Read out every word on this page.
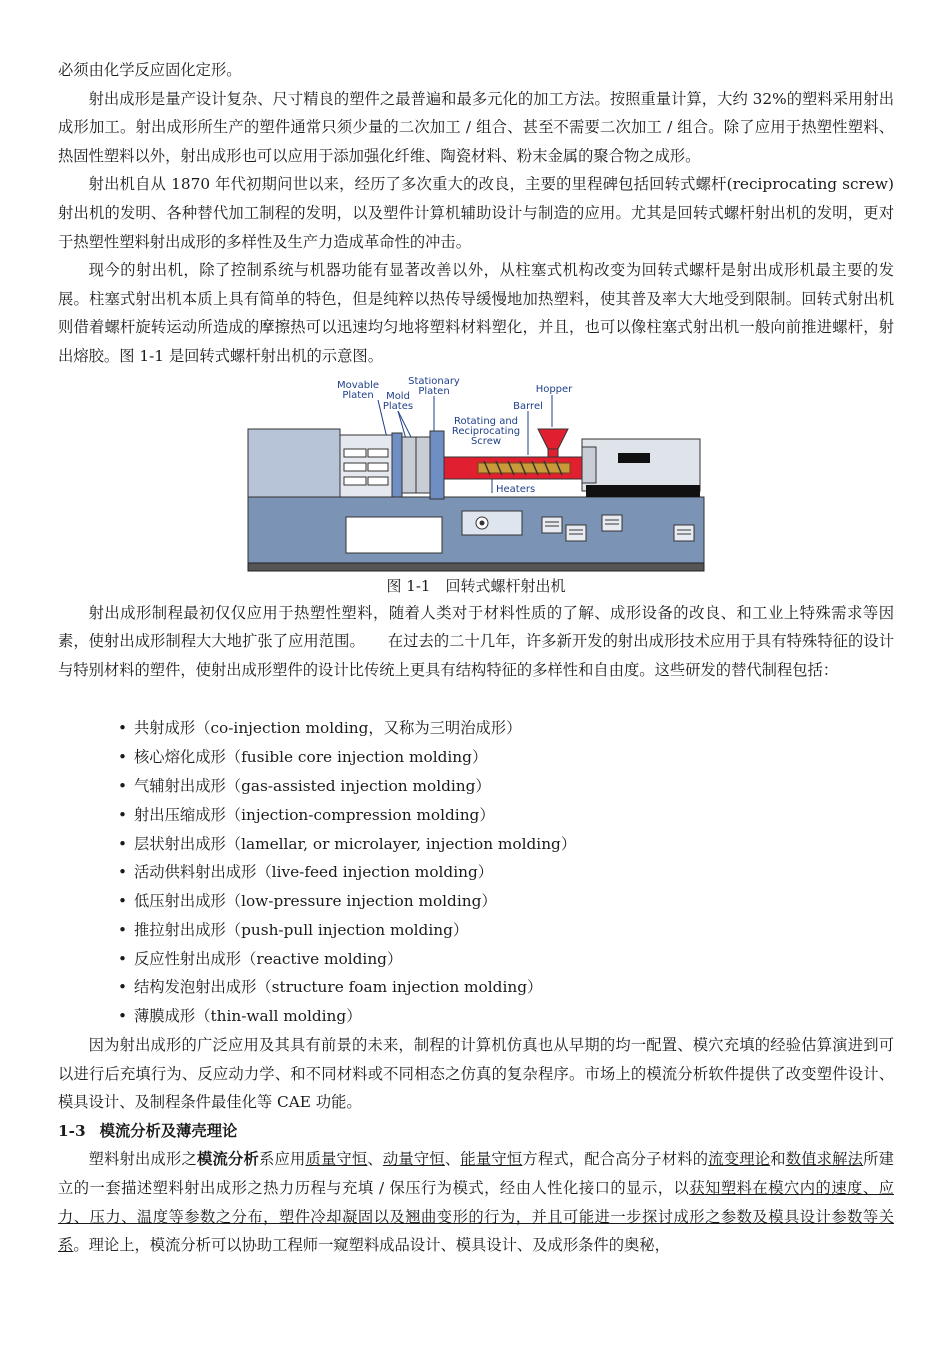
必须由化学反应固化定形。

射出成形是量产设计复杂、尺寸精良的塑件之最普遍和最多元化的加工方法。按照重量计算，大约 32%的塑料采用射出成形加工。射出成形所生产的塑件通常只须少量的二次加工 / 组合、甚至不需要二次加工 / 组合。除了应用于热塑性塑料、热固性塑料以外，射出成形也可以应用于添加强化纤维、陶瓷材料、粉末金属的聚合物之成形。

射出机自从 1870 年代初期问世以来，经历了多次重大的改良，主要的里程碑包括回转式螺杆(reciprocating screw)射出机的发明、各种替代加工制程的发明，以及塑件计算机辅助设计与制造的应用。尤其是回转式螺杆射出机的发明，更对于热塑性塑料射出成形的多样性及生产力造成革命性的冲击。

现今的射出机，除了控制系统与机器功能有显著改善以外，从柱塞式机构改变为回转式螺杆是射出成形机最主要的发展。柱塞式射出机本质上具有简单的特色，但是纯粹以热传导缓慢地加热塑料，使其普及率大大地受到限制。回转式射出机则借着螺杆旋转运动所造成的摩擦热可以迅速均匀地将塑料材料塑化，并且，也可以像柱塞式射出机一般向前推进螺杆，射出熔胶。图 1-1 是回转式螺杆射出机的示意图。

Movable
Platen Mold
Plates
Stationary
Platen	Hopper
Barrel
Rotating and
Reciprocating
Screw
Heaters

图 1-1　回转式螺杆射出机

射出成形制程最初仅仅应用于热塑性塑料，随着人类对于材料性质的了解、成形设备的改良、和工业上特殊需求等因素，使射出成形制程大大地扩张了应用范围。　　在过去的二十几年，许多新开发的射出成形技术应用于具有特殊特征的设计与特别材料的塑件，使射出成形塑件的设计比传统上更具有结构特征的多样性和自由度。这些研发的替代制程包括：

• 共射成形（co-injection molding，又称为三明治成形）
• 核心熔化成形（fusible core injection molding）
• 气辅射出成形（gas-assisted injection molding）
• 射出压缩成形（injection-compression molding）
• 层状射出成形（lamellar, or microlayer, injection molding）
• 活动供料射出成形（live-feed injection molding）
• 低压射出成形（low-pressure injection molding）
• 推拉射出成形（push-pull injection molding）
• 反应性射出成形（reactive molding）
• 结构发泡射出成形（structure foam injection molding）
• 薄膜成形（thin-wall molding）

因为射出成形的广泛应用及其具有前景的未来，制程的计算机仿真也从早期的均一配置、模穴充填的经验估算演进到可以进行后充填行为、反应动力学、和不同材料或不同相态之仿真的复杂程序。市场上的模流分析软件提供了改变塑件设计、模具设计、及制程条件最佳化等 CAE 功能。

1-3 模流分析及薄壳理论

塑料射出成形之模流分析系应用质量守恒、动量守恒、能量守恒方程式，配合高分子材料的流变理论和数值求解法所建立的一套描述塑料射出成形之热力历程与充填 / 保压行为模式，经由人性化接口的显示，以获知塑料在模穴内的速度、应力、压力、温度等参数之分布，塑件冷却凝固以及翘曲变形的行为，并且可能进一步探讨成形之参数及模具设计参数等关系。理论上，模流分析可以协助工程师一窥塑料成品设计、模具设计、及成形条件的奥秘，
